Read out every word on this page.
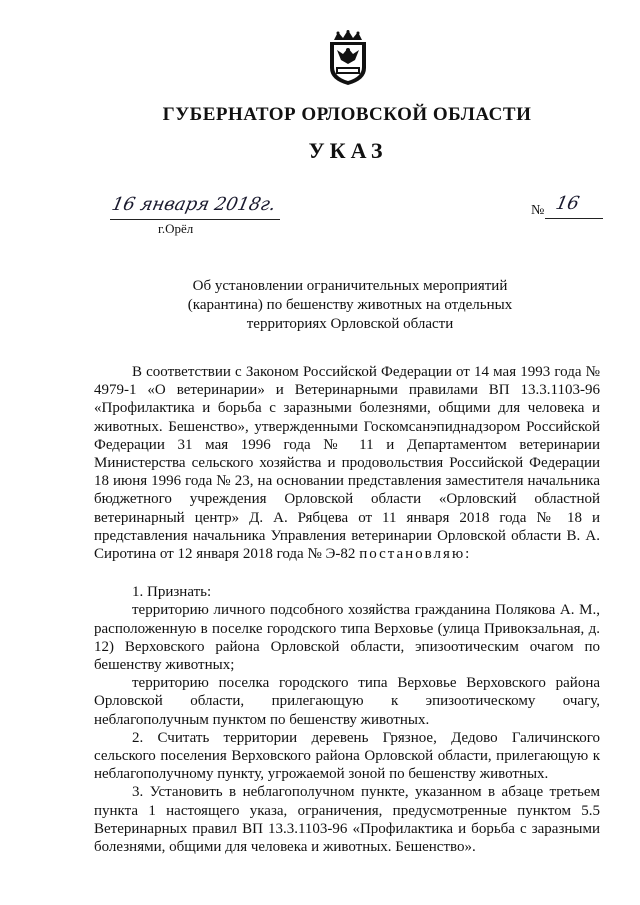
ГУБЕРНАТОР ОРЛОВСКОЙ ОБЛАСТИ
УКАЗ
16 января 2018г.
г.Орёл
№ 16
Об установлении ограничительных мероприятий
(карантина) по бешенству животных на отдельных
территориях Орловской области

В соответствии с Законом Российской Федерации от 14 мая 1993 года № 4979-1 «О ветеринарии» и Ветеринарными правилами ВП 13.3.1103-96 «Профилактика и борьба с заразными болезнями, общими для человека и животных. Бешенство», утвержденными Госкомсанэпиднадзором Российской Федерации 31 мая 1996 года № 11 и Департаментом ветеринарии Министерства сельского хозяйства и продовольствия Российской Федерации 18 июня 1996 года № 23, на основании представления заместителя начальника бюджетного учреждения Орловской области «Орловский областной ветеринарный центр» Д. А. Рябцева от 11 января 2018 года № 18 и представления начальника Управления ветеринарии Орловской области В. А. Сиротина от 12 января 2018 года № Э-82 постановляю:

1. Признать:

территорию личного подсобного хозяйства гражданина Полякова А. М., расположенную в поселке городского типа Верховье (улица Привокзальная, д. 12) Верховского района Орловской области, эпизоотическим очагом по бешенству животных;

территорию поселка городского типа Верховье Верховского района Орловской области, прилегающую к эпизоотическому очагу, неблагополучным пунктом по бешенству животных.

2. Считать территории деревень Грязное, Дедово Галичинского сельского поселения Верховского района Орловской области, прилегающую к неблагополучному пункту, угрожаемой зоной по бешенству животных.

3. Установить в неблагополучном пункте, указанном в абзаце третьем пункта 1 настоящего указа, ограничения, предусмотренные пунктом 5.5 Ветеринарных правил ВП 13.3.1103-96 «Профилактика и борьба с заразными болезнями, общими для человека и животных. Бешенство».
